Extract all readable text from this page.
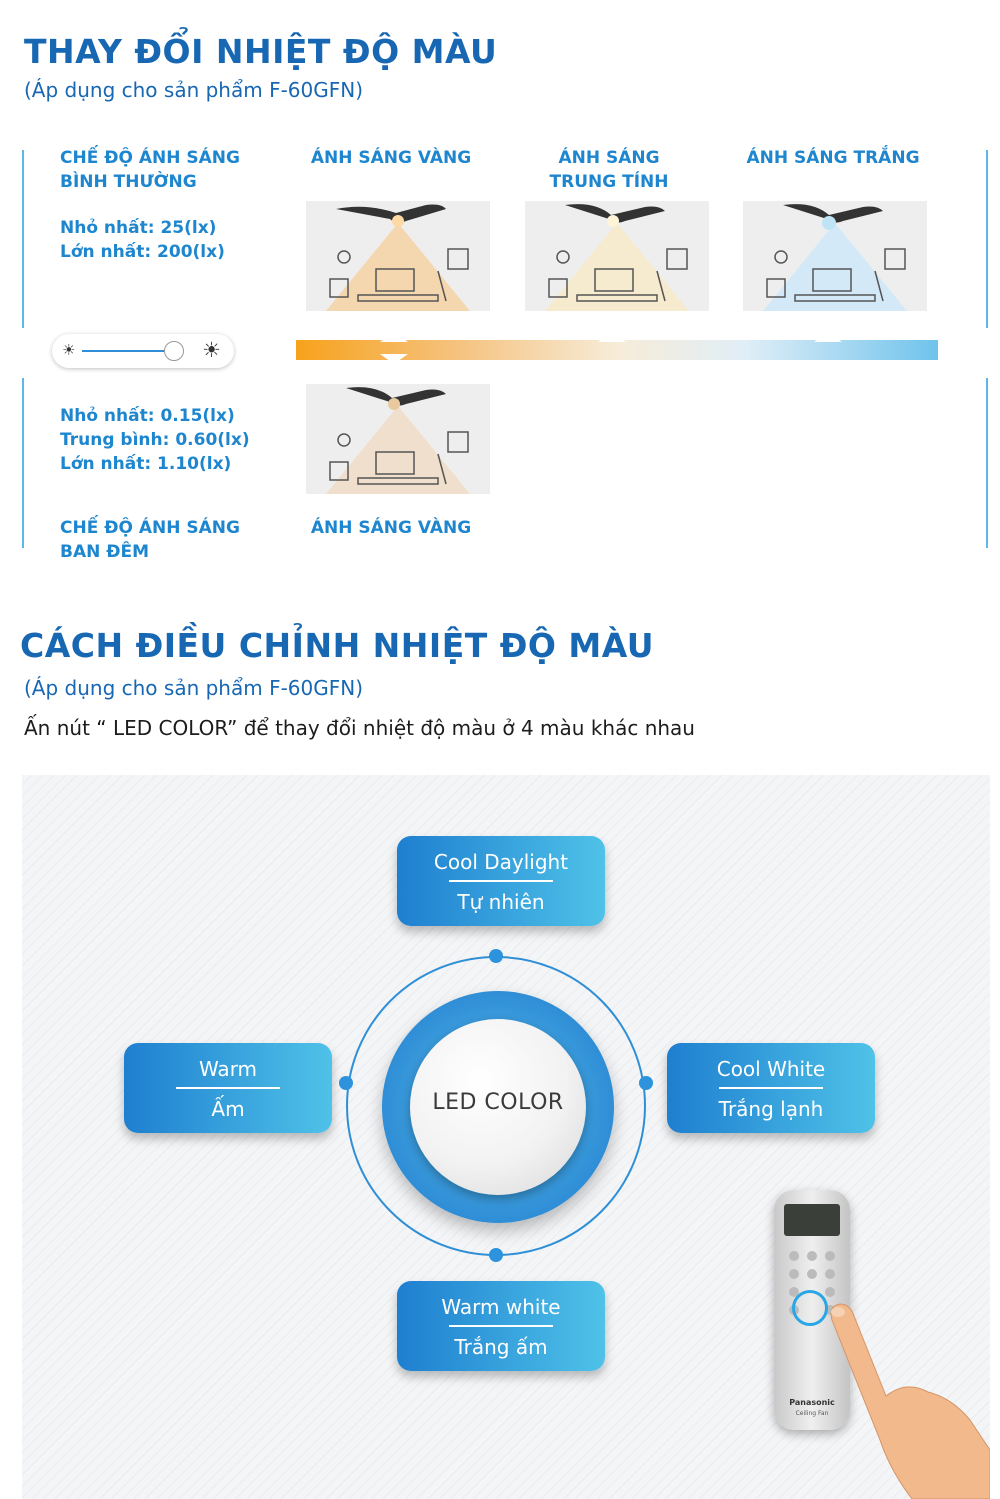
THAY ĐỔI NHIỆT ĐỘ MÀU
(Áp dụng cho sản phẩm F-60GFN)
CHẾ ĐỘ ÁNH SÁNG
BÌNH THƯỜNG
Nhỏ nhất: 25(lx)
Lớn nhất: 200(lx)
ÁNH SÁNG VÀNG	ÁNH SÁNG
TRUNG TÍNH
ÁNH SÁNG TRẮNG
☀	☀
Nhỏ nhất: 0.15(lx)
Trung bình: 0.60(lx)
Lớn nhất: 1.10(lx)
CHẾ ĐỘ ÁNH SÁNG
BAN ĐÊM
ÁNH SÁNG VÀNG
CÁCH ĐIỀU CHỈNH NHIỆT ĐỘ MÀU
(Áp dụng cho sản phẩm F-60GFN)
Ấn nút “ LED COLOR” để thay đổi nhiệt độ màu ở 4 màu khác nhau
LED COLOR
Cool Daylight
Tự nhiên
Warm
Ấm
Cool White
Trắng lạnh
Warm white
Trắng ấm
Panasonic
Ceiling Fan
